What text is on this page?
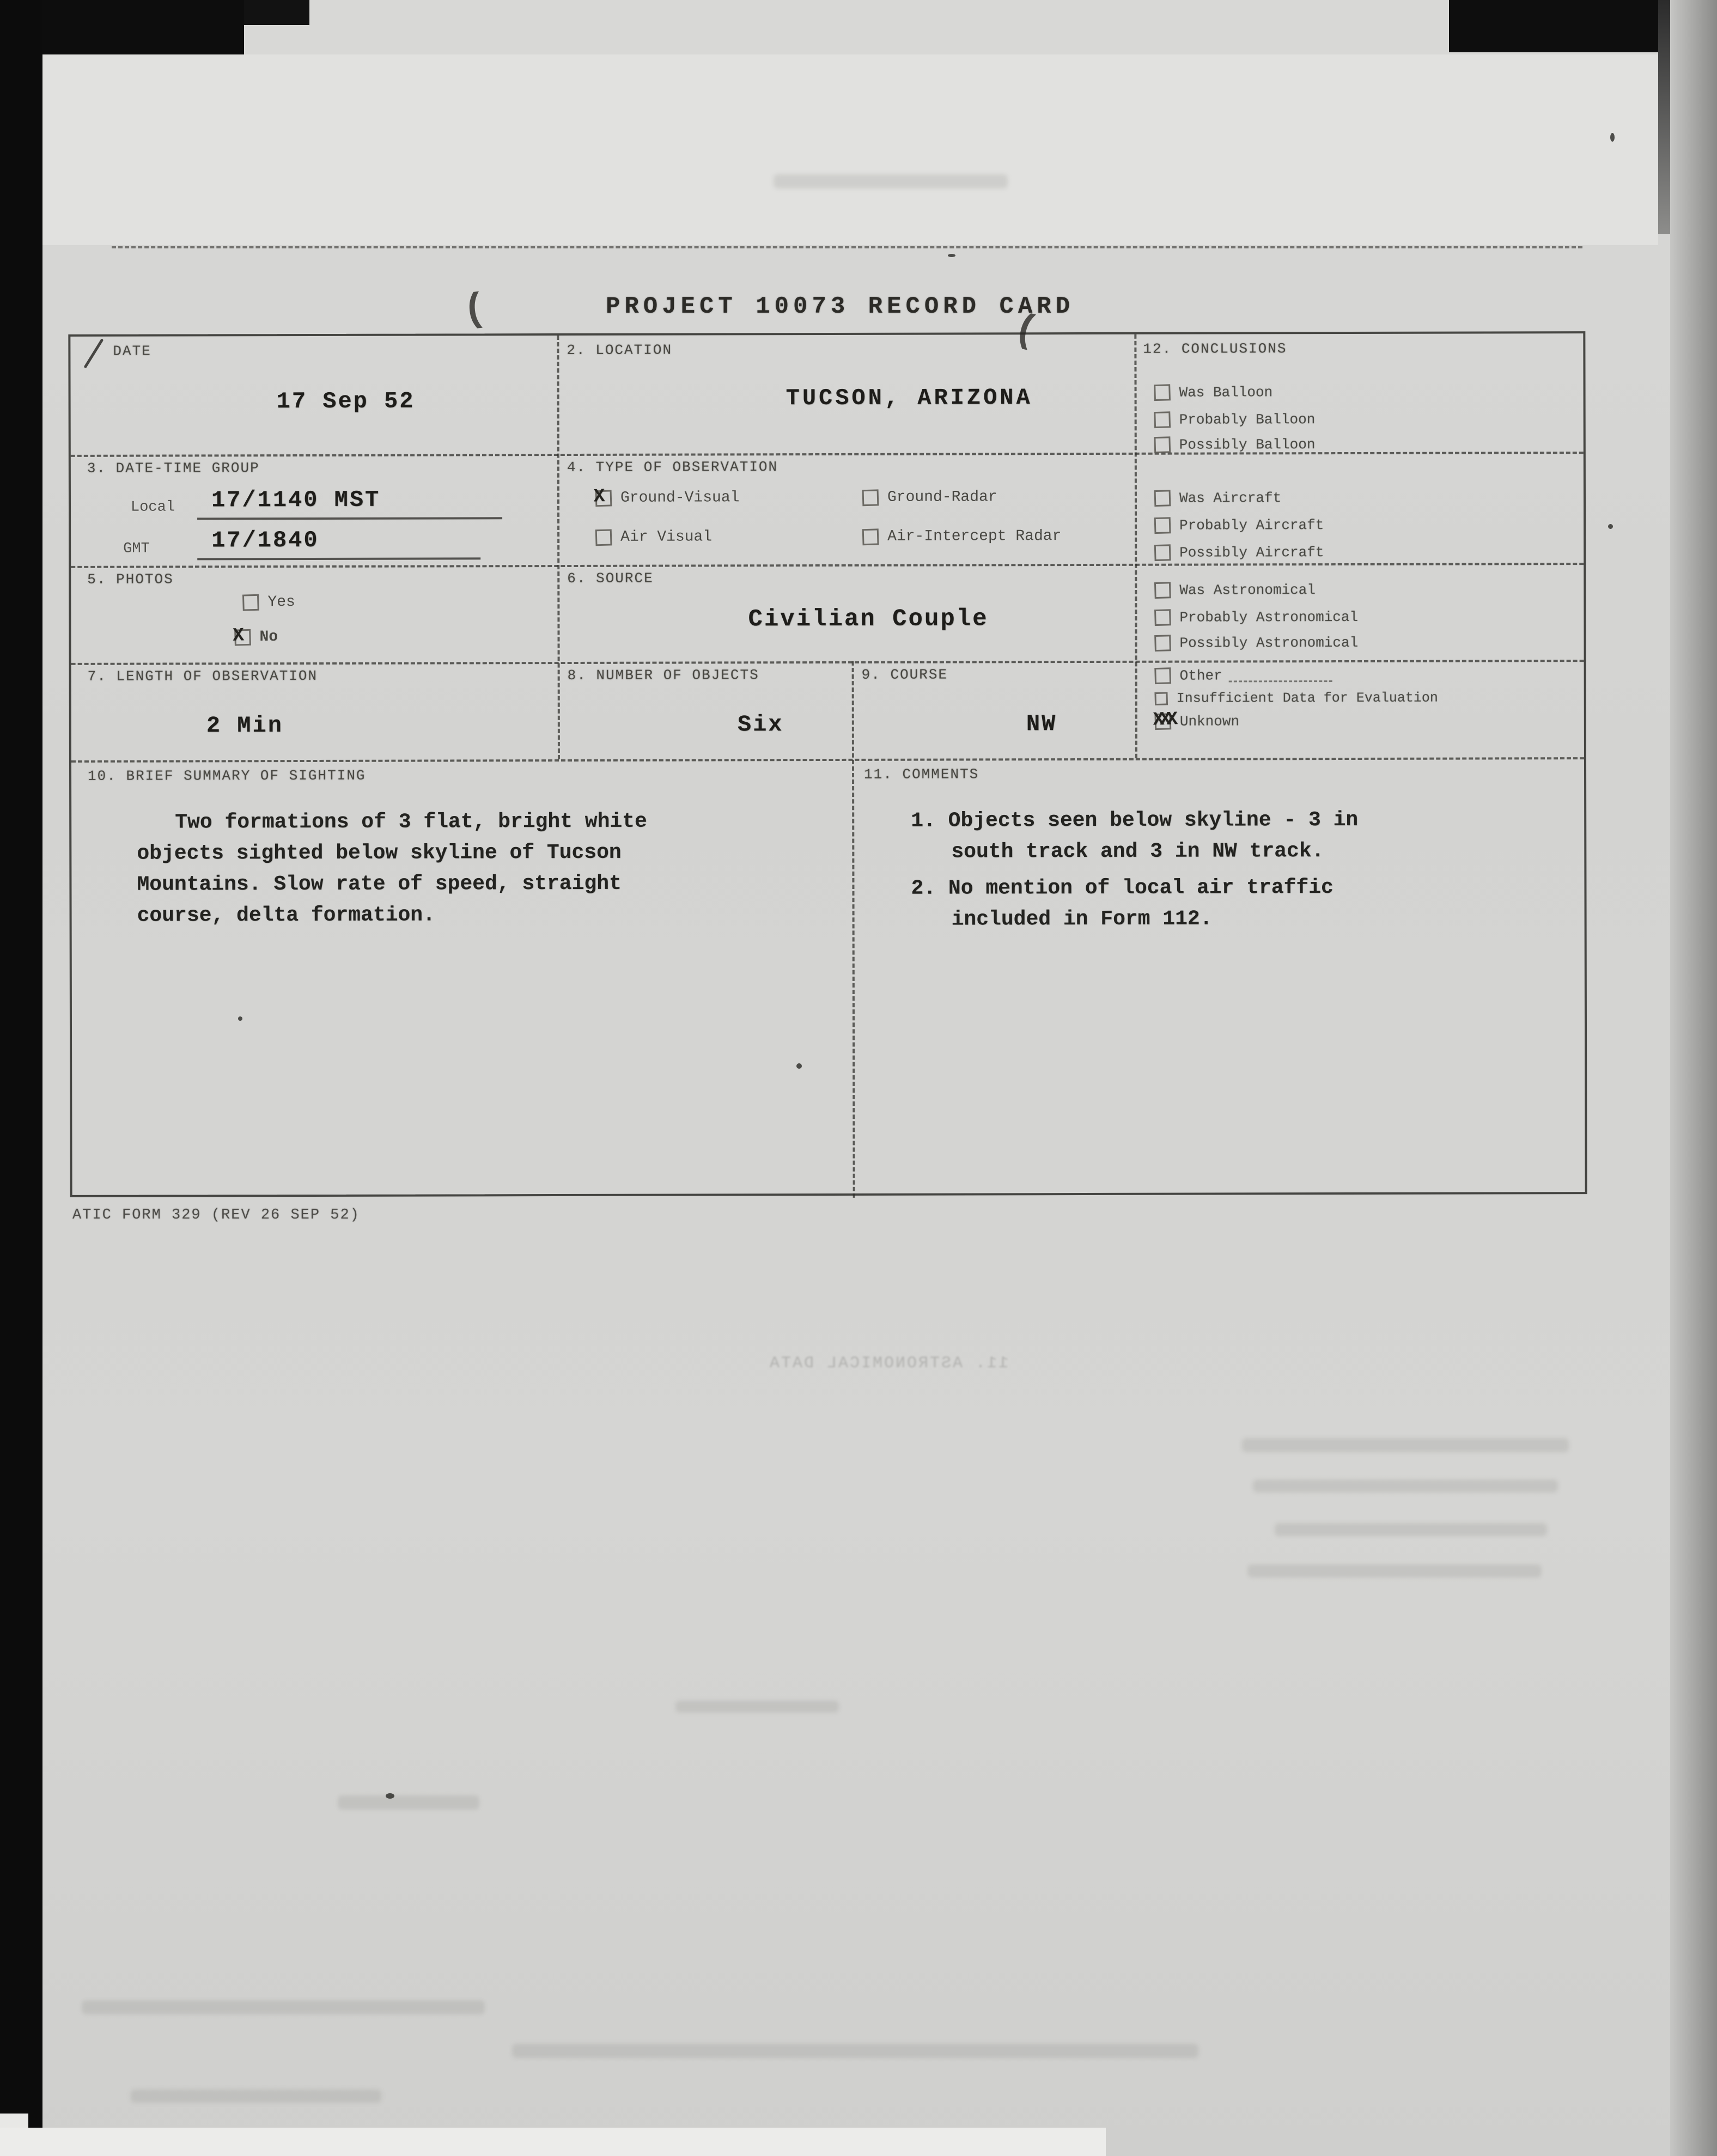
11. ASTRONOMICAL DATA
(	PROJECT 10073 RECORD CARD
(
DATE
17 Sep 52
2. LOCATION
TUCSON, ARIZONA
12. CONCLUSIONS
Was Balloon
Probably Balloon
Possibly Balloon
Was Aircraft
Probably Aircraft
Possibly Aircraft
Was Astronomical
Probably Astronomical
Possibly Astronomical
Other
Insufficient Data for Evaluation
XXX Unknown
3. DATE-TIME GROUP
Local 17/1140 MST
GMT	17/1840
4. TYPE OF OBSERVATION
X Ground-Visual	Ground-Radar
Air Visual	Air-Intercept Radar
5. PHOTOS
Yes
X No
6. SOURCE
Civilian Couple
7. LENGTH OF OBSERVATION
2 Min
8. NUMBER OF OBJECTS
Six
9. COURSE
NW
10. BRIEF SUMMARY OF SIGHTING
Two formations of 3 flat, bright white objects sighted below skyline of Tucson Mountains. Slow rate of speed, straight course, delta formation.
11. COMMENTS

1. Objects seen below skyline - 3 in south track and 3 in NW track.

2. No mention of local air traffic included in Form 112.

ATIC FORM 329 (REV 26 SEP 52)
